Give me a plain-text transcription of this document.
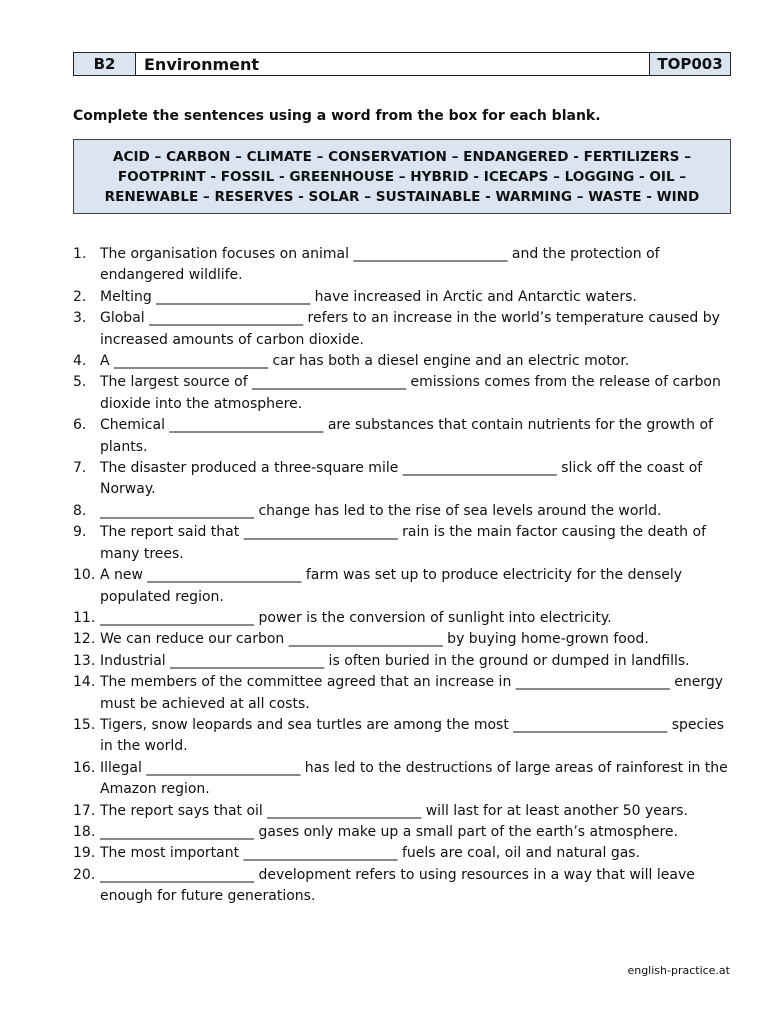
B2	Environment	TOP003
Complete the sentences using a word from the box for each blank.
ACID – CARBON – CLIMATE – CONSERVATION – ENDANGERED - FERTILIZERS –
FOOTPRINT - FOSSIL - GREENHOUSE – HYBRID - ICECAPS – LOGGING - OIL –
RENEWABLE – RESERVES - SOLAR – SUSTAINABLE - WARMING – WASTE - WIND
1. The organisation focuses on animal ______________________ and the protection of endangered wildlife.
2. Melting ______________________ have increased in Arctic and Antarctic waters.
3. Global ______________________ refers to an increase in the world’s temperature caused by increased amounts of carbon dioxide.
4. A ______________________ car has both a diesel engine and an electric motor.
5. The largest source of ______________________ emissions comes from the release of carbon dioxide into the atmosphere.
6. Chemical ______________________ are substances that contain nutrients for the growth of plants.
7. The disaster produced a three-square mile ______________________ slick off the coast of Norway.
8. ______________________ change has led to the rise of sea levels around the world.
9. The report said that ______________________ rain is the main factor causing the death of many trees.
10. A new ______________________ farm was set up to produce electricity for the densely populated region.
11. ______________________ power is the conversion of sunlight into electricity.
12. We can reduce our carbon ______________________ by buying home-grown food.
13. Industrial ______________________ is often buried in the ground or dumped in landfills.
14. The members of the committee agreed that an increase in ______________________ energy must be achieved at all costs.
15. Tigers, snow leopards and sea turtles are among the most ______________________ species in the world.
16. Illegal ______________________ has led to the destructions of large areas of rainforest in the Amazon region.
17. The report says that oil ______________________ will last for at least another 50 years.
18. ______________________ gases only make up a small part of the earth’s atmosphere.
19. The most important ______________________ fuels are coal, oil and natural gas.
20. ______________________ development refers to using resources in a way that will leave enough for future generations.
english-practice.at
